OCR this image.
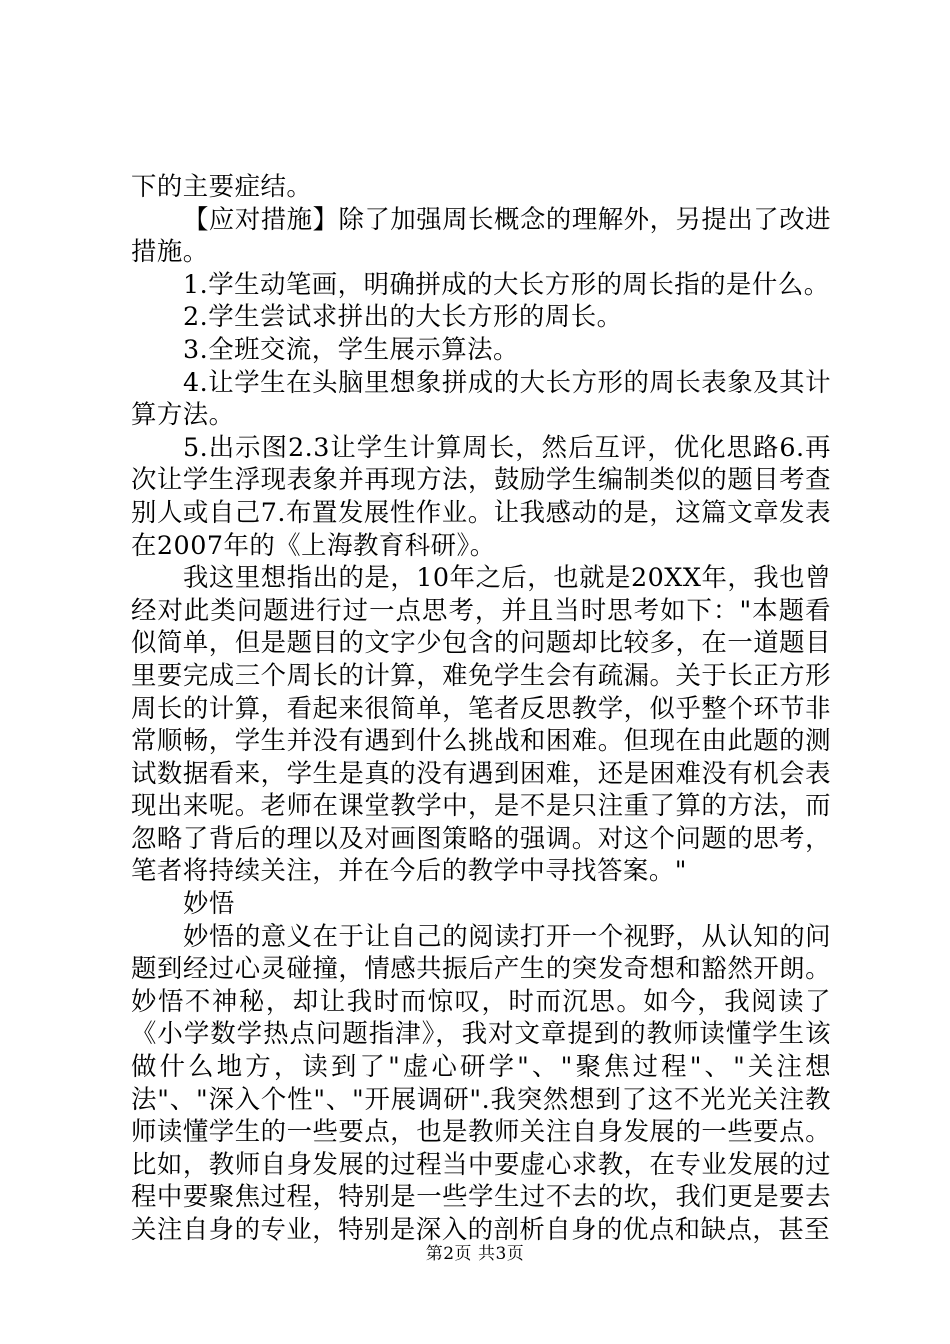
下的主要症结。

【应对措施】除了加强周长概念的理解外，另提出了改进措施。

1.学生动笔画，明确拼成的大长方形的周长指的是什么。

2.学生尝试求拼出的大长方形的周长。

3.全班交流，学生展示算法。

4.让学生在头脑里想象拼成的大长方形的周长表象及其计算方法。

5.出示图2.3让学生计算周长，然后互评，优化思路6.再次让学生浮现表象并再现方法，鼓励学生编制类似的题目考查别人或自己7.布置发展性作业。让我感动的是，这篇文章发表在2007年的《上海教育科研》。

我这里想指出的是，10年之后，也就是20XX年，我也曾经对此类问题进行过一点思考，并且当时思考如下："本题看似简单，但是题目的文字少包含的问题却比较多，在一道题目里要完成三个周长的计算，难免学生会有疏漏。关于长正方形周长的计算，看起来很简单，笔者反思教学，似乎整个环节非常顺畅，学生并没有遇到什么挑战和困难。但现在由此题的测试数据看来，学生是真的没有遇到困难，还是困难没有机会表现出来呢。老师在课堂教学中，是不是只注重了算的方法，而忽略了背后的理以及对画图策略的强调。对这个问题的思考，笔者将持续关注，并在今后的教学中寻找答案。"

妙悟

妙悟的意义在于让自己的阅读打开一个视野，从认知的问题到经过心灵碰撞，情感共振后产生的突发奇想和豁然开朗。妙悟不神秘，却让我时而惊叹，时而沉思。如今，我阅读了《小学数学热点问题指津》，我对文章提到的教师读懂学生该做什么地方，读到了"虚心研学"、"聚焦过程"、"关注想法"、"深入个性"、"开展调研".我突然想到了这不光光关注教师读懂学生的一些要点，也是教师关注自身发展的一些要点。比如，教师自身发展的过程当中要虚心求教，在专业发展的过程中要聚焦过程，特别是一些学生过不去的坎，我们更是要去关注自身的专业，特别是深入的剖析自身的优点和缺点，甚至

第2页 共3页
